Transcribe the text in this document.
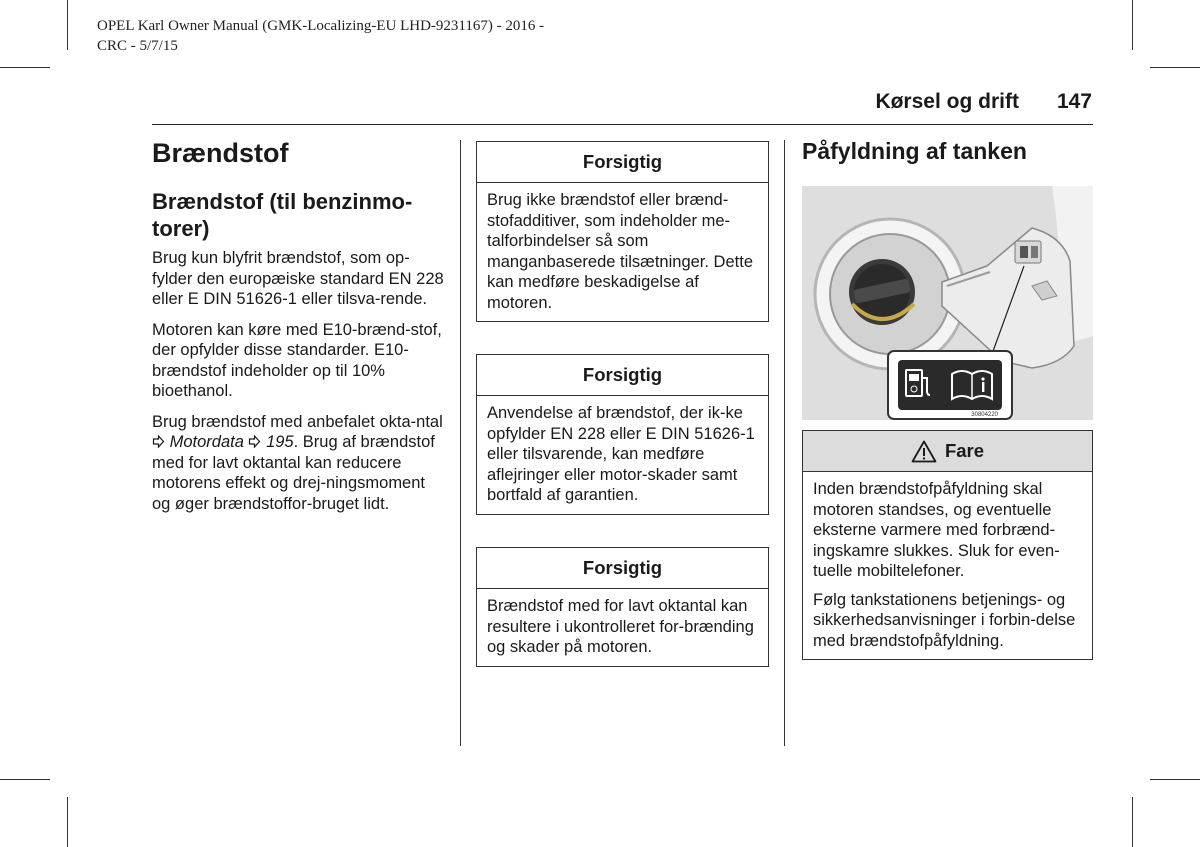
OPEL Karl Owner Manual (GMK-Localizing-EU LHD-9231167) - 2016 -
CRC - 5/7/15
Kørsel og drift 147
Brændstof
Brændstof (til benzinmo-
torer)

Brug kun blyfrit brændstof, som op-fylder den europæiske standard EN 228 eller E DIN 51626-1 eller tilsva-rende.

Motoren kan køre med E10-brænd-stof, der opfylder disse standarder. E10-brændstof indeholder op til 10% bioethanol.

Brug brændstof med anbefalet okta-ntal  Motordata 195. Brug af brændstof med for lavt oktantal kan reducere motorens effekt og drej-ningsmoment og øger brændstoffor-bruget lidt.

Forsigtig
Brug ikke brændstof eller brænd-stofadditiver, som indeholder me-talforbindelser så som manganbaserede tilsætninger. Dette kan medføre beskadigelse af motoren.
Forsigtig
Anvendelse af brændstof, der ik-ke opfylder EN 228 eller E DIN 51626-1 eller tilsvarende, kan medføre aflejringer eller motor-skader samt bortfald af garantien.
Forsigtig
Brændstof med for lavt oktantal kan resultere i ukontrolleret for-brænding og skader på motoren.
Påfyldning af tanken
30804220
Fare

Inden brændstofpåfyldning skal motoren standses, og eventuelle eksterne varmere med forbrænd-ingskamre slukkes. Sluk for even-tuelle mobiltelefoner.

Følg tankstationens betjenings- og sikkerhedsanvisninger i forbin-delse med brændstofpåfyldning.
